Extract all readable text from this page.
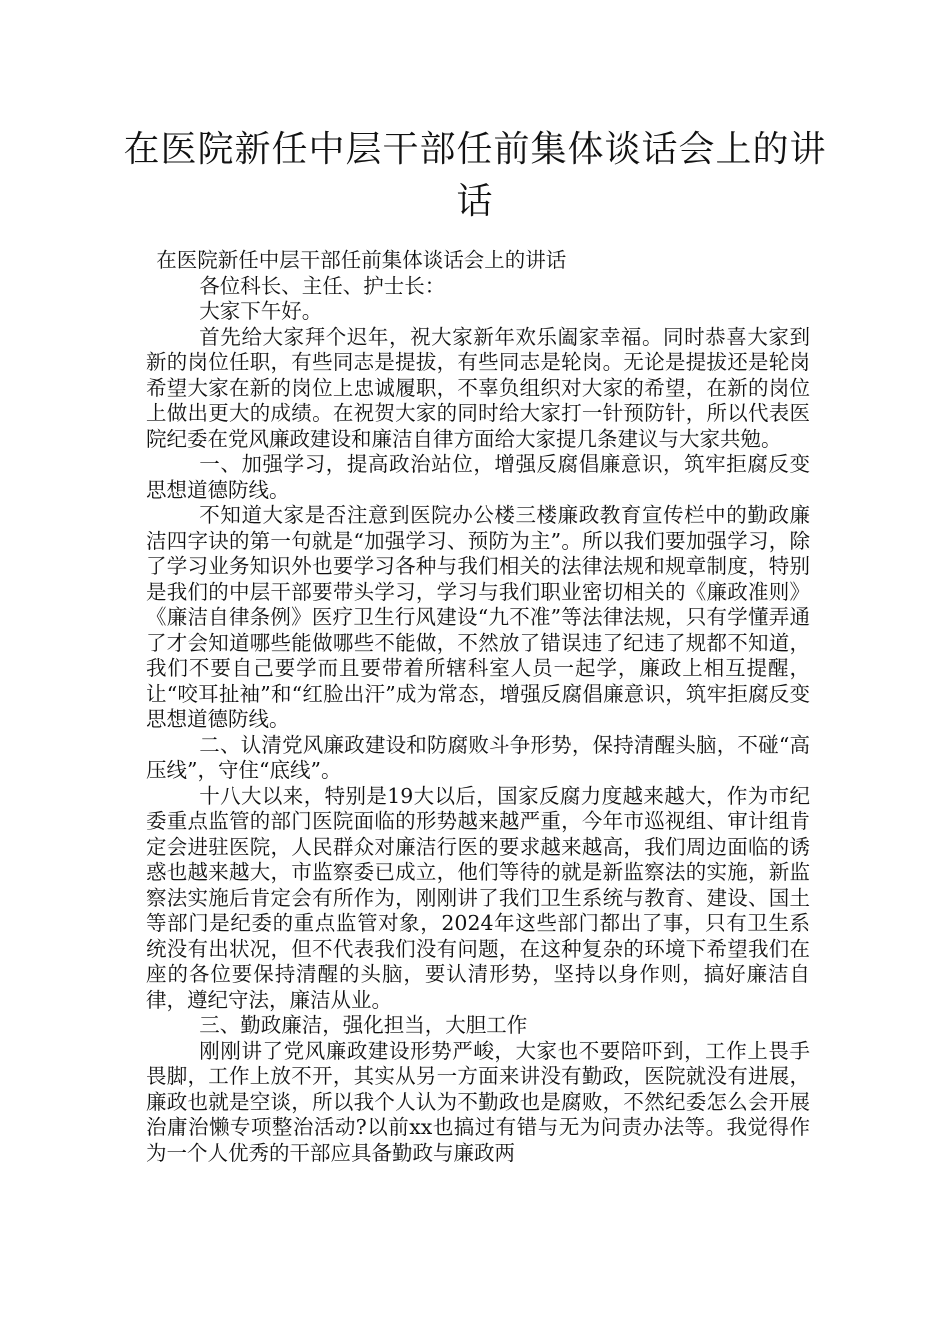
在医院新任中层干部任前集体谈话会上的讲话

在医院新任中层干部任前集体谈话会上的讲话

各位科长、主任、护士长：

大家下午好。

首先给大家拜个迟年，祝大家新年欢乐阖家幸福。同时恭喜大家到新的岗位任职，有些同志是提拔，有些同志是轮岗。无论是提拔还是轮岗希望大家在新的岗位上忠诚履职，不辜负组织对大家的希望，在新的岗位上做出更大的成绩。在祝贺大家的同时给大家打一针预防针，所以代表医院纪委在党风廉政建设和廉洁自律方面给大家提几条建议与大家共勉。

一、加强学习，提高政治站位，增强反腐倡廉意识，筑牢拒腐反变思想道德防线。

不知道大家是否注意到医院办公楼三楼廉政教育宣传栏中的勤政廉洁四字诀的第一句就是“加强学习、预防为主”。所以我们要加强学习，除了学习业务知识外也要学习各种与我们相关的法律法规和规章制度，特别是我们的中层干部要带头学习，学习与我们职业密切相关的《廉政准则》《廉洁自律条例》医疗卫生行风建设“九不准”等法律法规，只有学懂弄通了才会知道哪些能做哪些不能做，不然放了错误违了纪违了规都不知道，我们不要自己要学而且要带着所辖科室人员一起学，廉政上相互提醒，让“咬耳扯袖”和“红脸出汗”成为常态，增强反腐倡廉意识，筑牢拒腐反变思想道德防线。

二、认清党风廉政建设和防腐败斗争形势，保持清醒头脑，不碰“高压线”，守住“底线”。

十八大以来，特别是19大以后，国家反腐力度越来越大，作为市纪委重点监管的部门医院面临的形势越来越严重，今年市巡视组、审计组肯定会进驻医院，人民群众对廉洁行医的要求越来越高，我们周边面临的诱惑也越来越大，市监察委已成立，他们等待的就是新监察法的实施，新监察法实施后肯定会有所作为，刚刚讲了我们卫生系统与教育、建设、国土等部门是纪委的重点监管对象，2024年这些部门都出了事，只有卫生系统没有出状况，但不代表我们没有问题，在这种复杂的环境下希望我们在座的各位要保持清醒的头脑，要认清形势，坚持以身作则，搞好廉洁自律，遵纪守法，廉洁从业。

三、勤政廉洁，强化担当，大胆工作

刚刚讲了党风廉政建设形势严峻，大家也不要陪吓到，工作上畏手畏脚，工作上放不开，其实从另一方面来讲没有勤政，医院就没有进展，廉政也就是空谈，所以我个人认为不勤政也是腐败，不然纪委怎么会开展治庸治懒专项整治活动?以前xx也搞过有错与无为问责办法等。我觉得作为一个人优秀的干部应具备勤政与廉政两
